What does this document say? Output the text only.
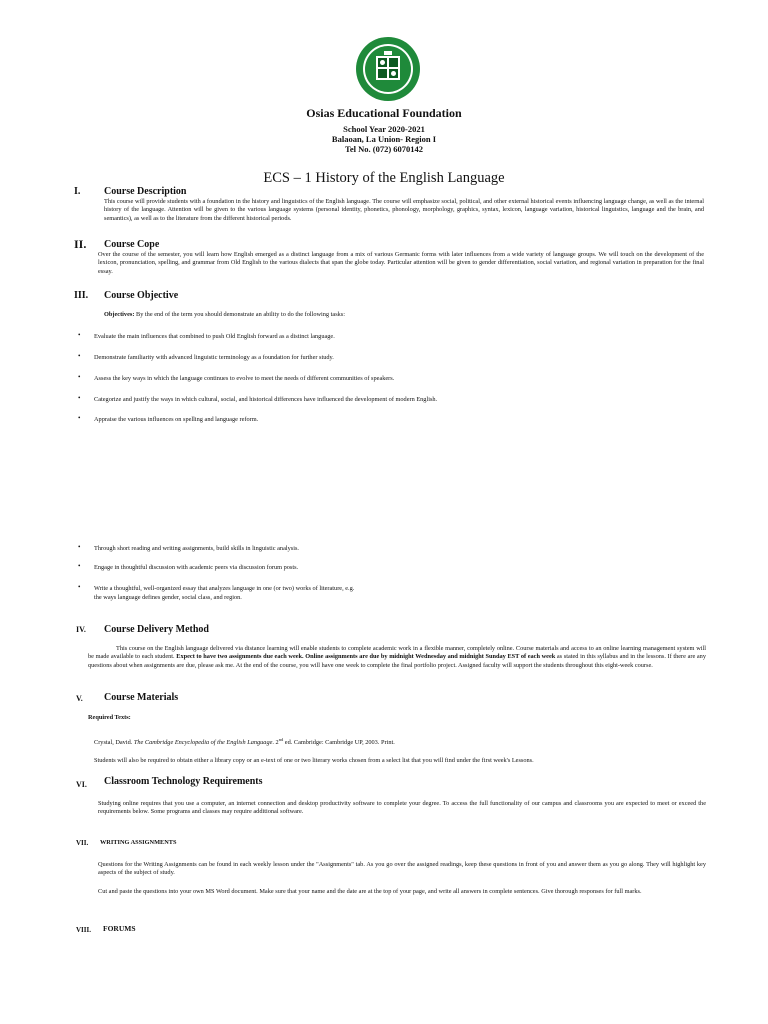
Osias Educational Foundation
School Year 2020-2021
Balaoan, La Union- Region I
Tel No. (072) 6070142
ECS – 1 History of the English Language
I. Course Description
This course will provide students with a foundation in the history and linguistics of the English language. The course will emphasize social, political, and other external historical events influencing language change, as well as the internal history of the language. Attention will be given to the various language systems (personal identity, phonetics, phonology, morphology, graphics, syntax, lexicon, language variation, historical linguistics, language and the brain, and semantics), as well as to the literature from the different historical periods.
II. Course Cope
Over the course of the semester, you will learn how English emerged as a distinct language from a mix of various Germanic forms with later influences from a wide variety of language groups. We will touch on the development of the lexicon, pronunciation, spelling, and grammar from Old English to the various dialects that span the globe today. Particular attention will be given to gender differentiation, social variation, and regional variation in preparation for the final essay.
III. Course Objective
Objectives: By the end of the term you should demonstrate an ability to do the following tasks:
• Evaluate the main influences that combined to push Old English forward as a distinct language.
• Demonstrate familiarity with advanced linguistic terminology as a foundation for further study.
• Assess the key ways in which the language continues to evolve to meet the needs of different communities of speakers.
• Categorize and justify the ways in which cultural, social, and historical differences have influenced the development of modern English.
• Appraise the various influences on spelling and language reform.
• Through short reading and writing assignments, build skills in linguistic analysis.
• Engage in thoughtful discussion with academic peers via discussion forum posts.
• Write a thoughtful, well-organized essay that analyzes language in one (or two) works of literature, e.g.
the ways language defines gender, social class, and region.
IV. Course Delivery Method
This course on the English language delivered via distance learning will enable students to complete academic work in a flexible manner, completely online. Course materials and access to an online learning management system will be made available to each student. Expect to have two assignments due each week. Online assignments are due by midnight Wednesday and midnight Sunday EST of each week as stated in this syllabus and in the lessons. If there are any questions about when assignments are due, please ask me. At the end of the course, you will have one week to complete the final portfolio project. Assigned faculty will support the students throughout this eight-week course.
V. Course Materials
Required Texts:
Crystal, David. The Cambridge Encyclopedia of the English Language. 2nd ed. Cambridge: Cambridge UP, 2003. Print.
Students will also be required to obtain either a library copy or an e-text of one or two literary works chosen from a select list that you will find under the first week's Lessons.
VI. Classroom Technology Requirements
Studying online requires that you use a computer, an internet connection and desktop productivity software to complete your degree. To access the full functionality of our campus and classrooms you are expected to meet or exceed the requirements below. Some programs and classes may require additional software.
VII. WRITING ASSIGNMENTS
Questions for the Writing Assignments can be found in each weekly lesson under the "Assignments" tab. As you go over the assigned readings, keep these questions in front of you and answer them as you go along. They will highlight key aspects of the subject of study.
Cut and paste the questions into your own MS Word document. Make sure that your name and the date are at the top of your page, and write all answers in complete sentences. Give thorough responses for full marks.
VIII. FORUMS
